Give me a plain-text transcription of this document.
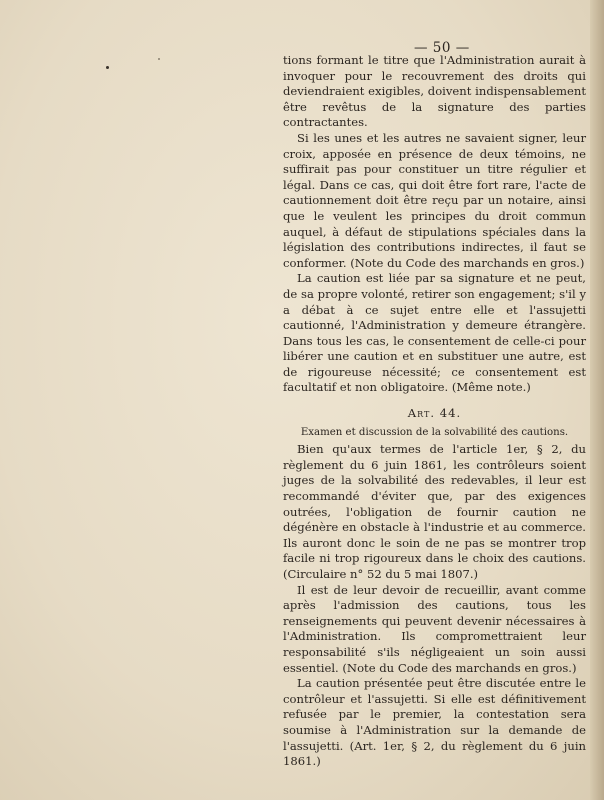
— 50 —

tions formant le titre que l'Administration aurait à invoquer pour le recouvrement des droits qui deviendraient exigibles, doivent indispensablement être revêtus de la signature des parties contractantes.

Si les unes et les autres ne savaient signer, leur croix, apposée en présence de deux témoins, ne suffirait pas pour constituer un titre régulier et légal. Dans ce cas, qui doit être fort rare, l'acte de cautionnement doit être reçu par un notaire, ainsi que le veulent les principes du droit commun auquel, à défaut de stipulations spéciales dans la législation des contributions indirectes, il faut se conformer. (Note du Code des marchands en gros.)

La caution est liée par sa signature et ne peut, de sa propre volonté, retirer son engagement; s'il y a débat à ce sujet entre elle et l'assujetti cautionné, l'Administration y demeure étrangère. Dans tous les cas, le consentement de celle-ci pour libérer une caution et en substituer une autre, est de rigoureuse nécessité; ce consentement est facultatif et non obligatoire. (Même note.)

Art. 44.
Examen et discussion de la solvabilité des cautions.

Bien qu'aux termes de l'article 1er, § 2, du règlement du 6 juin 1861, les contrôleurs soient juges de la solvabilité des redevables, il leur est recommandé d'éviter que, par des exigences outrées, l'obligation de fournir caution ne dégénère en obstacle à l'industrie et au commerce. Ils auront donc le soin de ne pas se montrer trop facile ni trop rigoureux dans le choix des cautions. (Circulaire n° 52 du 5 mai 1807.)

Il est de leur devoir de recueillir, avant comme après l'admission des cautions, tous les renseignements qui peuvent devenir nécessaires à l'Administration. Ils compromettraient leur responsabilité s'ils négligeaient un soin aussi essentiel. (Note du Code des marchands en gros.)

La caution présentée peut être discutée entre le contrôleur et l'assujetti. Si elle est définitivement refusée par le premier, la contestation sera soumise à l'Administration sur la demande de l'assujetti. (Art. 1er, § 2, du règlement du 6 juin 1861.)
